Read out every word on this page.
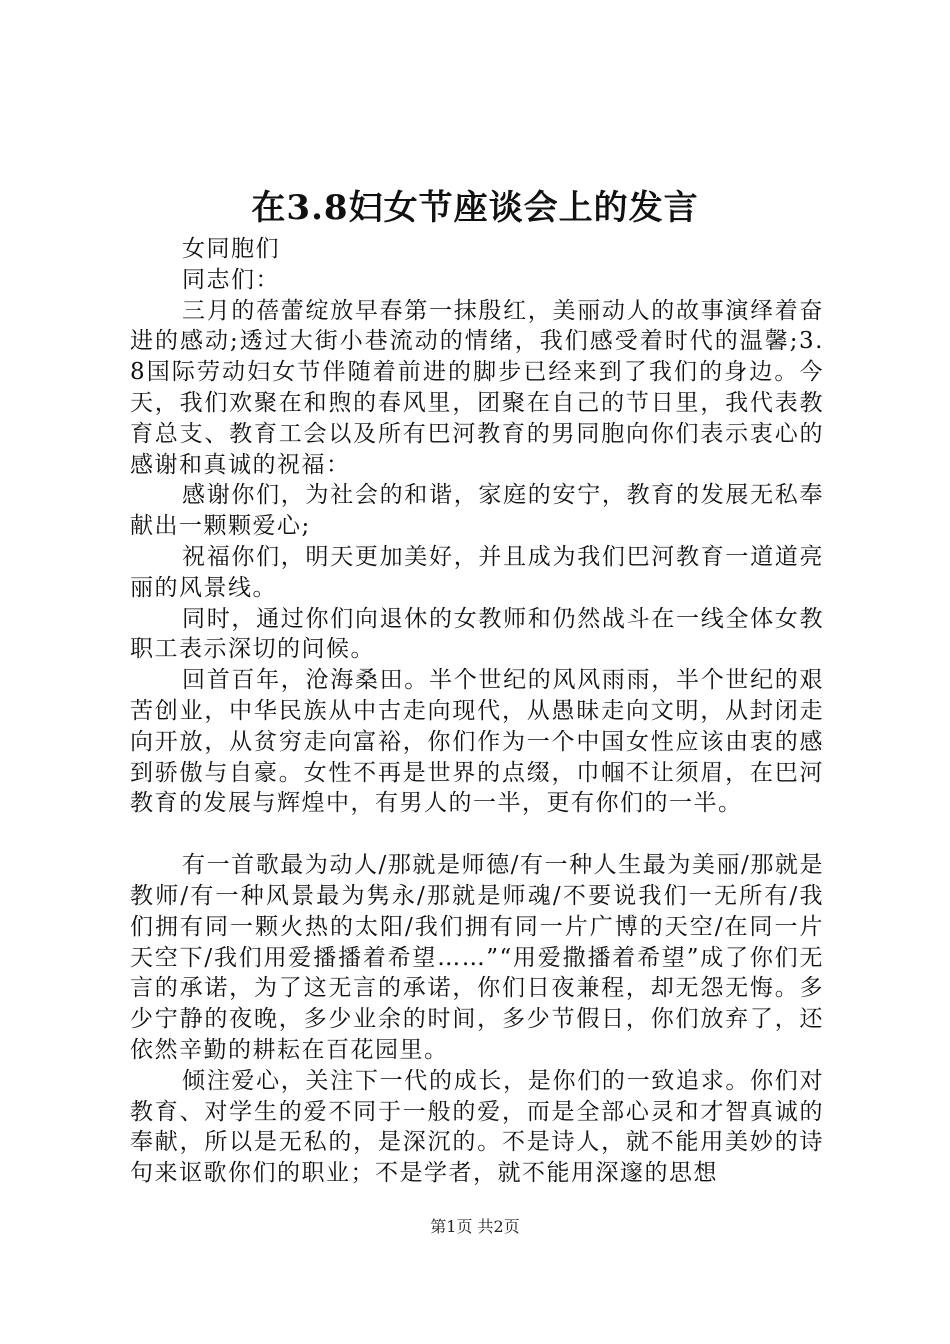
在3.8妇女节座谈会上的发言

女同胞们

同志们：

三月的蓓蕾绽放早春第一抹殷红，美丽动人的故事演绎着奋进的感动;透过大街小巷流动的情绪，我们感受着时代的温馨;3.8国际劳动妇女节伴随着前进的脚步已经来到了我们的身边。今天，我们欢聚在和煦的春风里，团聚在自己的节日里，我代表教育总支、教育工会以及所有巴河教育的男同胞向你们表示衷心的感谢和真诚的祝福：

感谢你们，为社会的和谐，家庭的安宁，教育的发展无私奉献出一颗颗爱心;

祝福你们，明天更加美好，并且成为我们巴河教育一道道亮丽的风景线。

同时，通过你们向退休的女教师和仍然战斗在一线全体女教职工表示深切的问候。

回首百年，沧海桑田。半个世纪的风风雨雨，半个世纪的艰苦创业，中华民族从中古走向现代，从愚昧走向文明，从封闭走向开放，从贫穷走向富裕，你们作为一个中国女性应该由衷的感到骄傲与自豪。女性不再是世界的点缀，巾帼不让须眉，在巴河教育的发展与辉煌中，有男人的一半，更有你们的一半。

有一首歌最为动人/那就是师德/有一种人生最为美丽/那就是教师/有一种风景最为隽永/那就是师魂/不要说我们一无所有/我们拥有同一颗火热的太阳/我们拥有同一片广博的天空/在同一片天空下/我们用爱播播着希望……”“用爱撒播着希望”成了你们无言的承诺，为了这无言的承诺，你们日夜兼程，却无怨无悔。多少宁静的夜晚，多少业余的时间，多少节假日，你们放弃了，还依然辛勤的耕耘在百花园里。

倾注爱心，关注下一代的成长，是你们的一致追求。你们对教育、对学生的爱不同于一般的爱，而是全部心灵和才智真诚的奉献，所以是无私的，是深沉的。不是诗人，就不能用美妙的诗句来讴歌你们的职业；不是学者，就不能用深邃的思想

第1页 共2页
